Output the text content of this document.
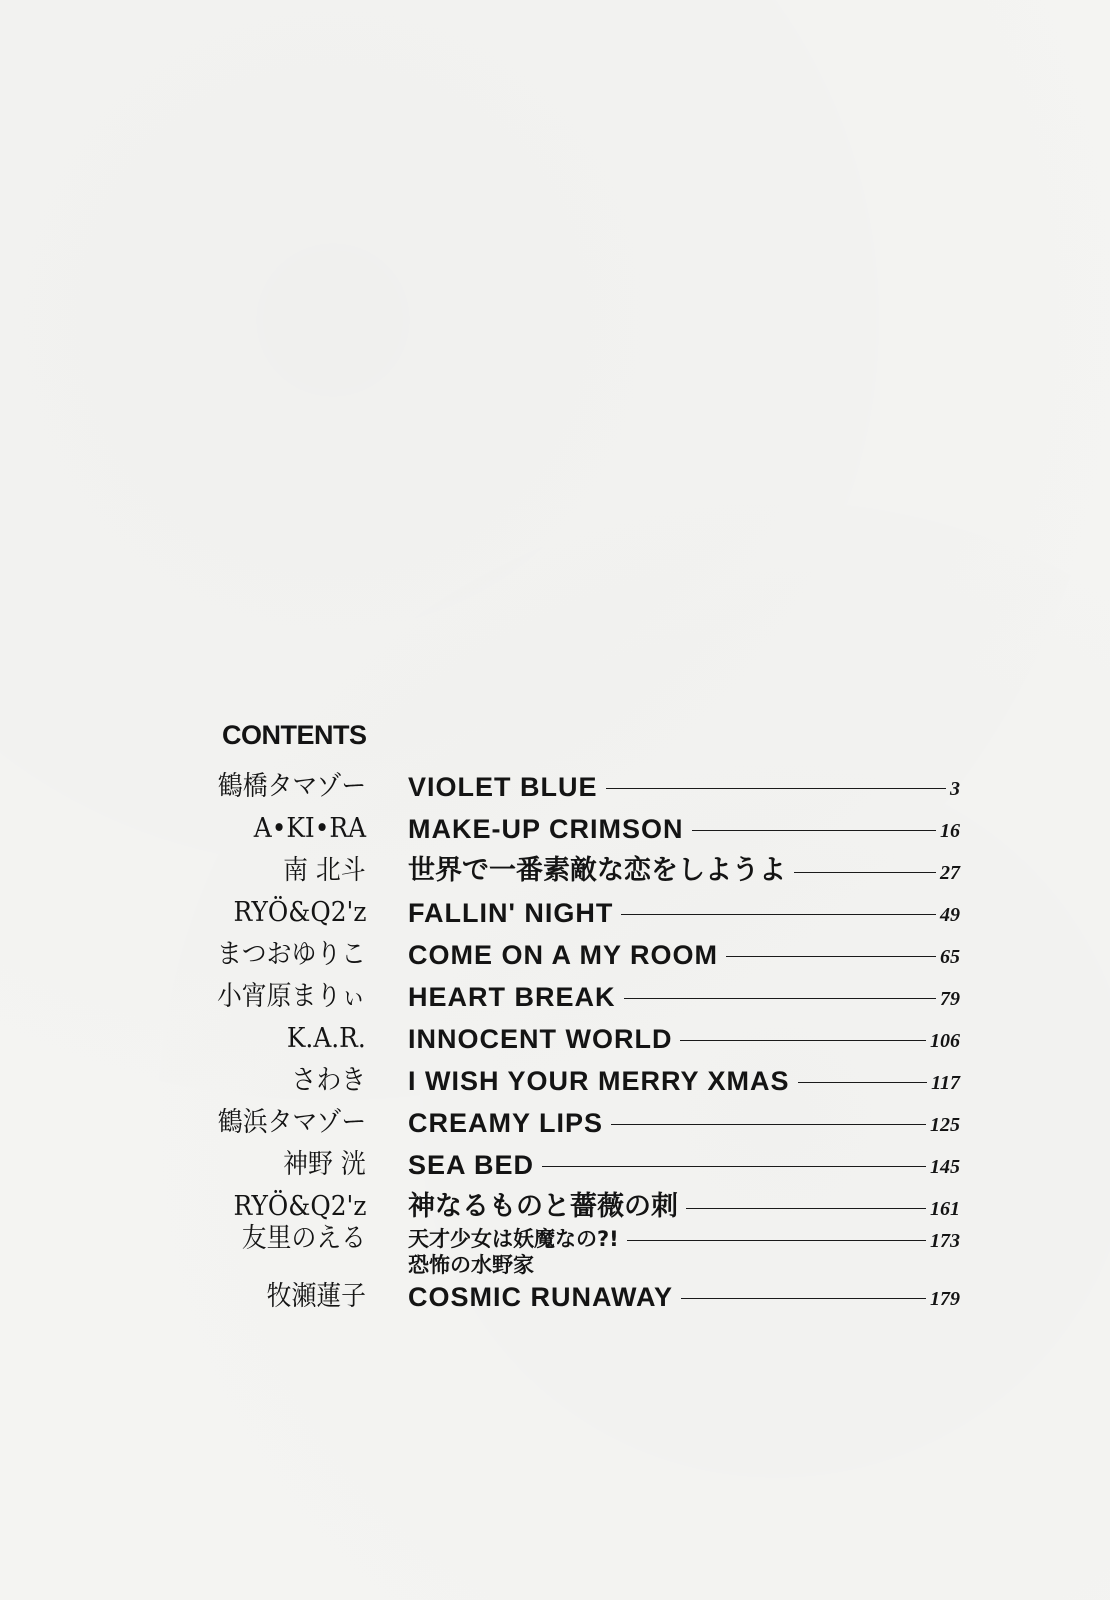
CONTENTS
鶴橋タマゾー VIOLET BLUE	3
A•KI•RA MAKE-UP CRIMSON	16
南 北斗 世界で一番素敵な恋をしようよ	27
RYÖ&Q2'z FALLIN' NIGHT	49
まつおゆりこ COME ON A MY ROOM	65
小宵原まりぃ HEART BREAK	79
K.A.R. INNOCENT WORLD	106
さわき I WISH YOUR MERRY XMAS	117
鶴浜タマゾー CREAMY LIPS	125
神野 洸 SEA BED	145
RYÖ&Q2'z 神なるものと薔薇の刺	161
友里のえる 天才少女は妖魔なの?!	173
恐怖の水野家
牧瀬蓮子 COSMIC RUNAWAY	179
